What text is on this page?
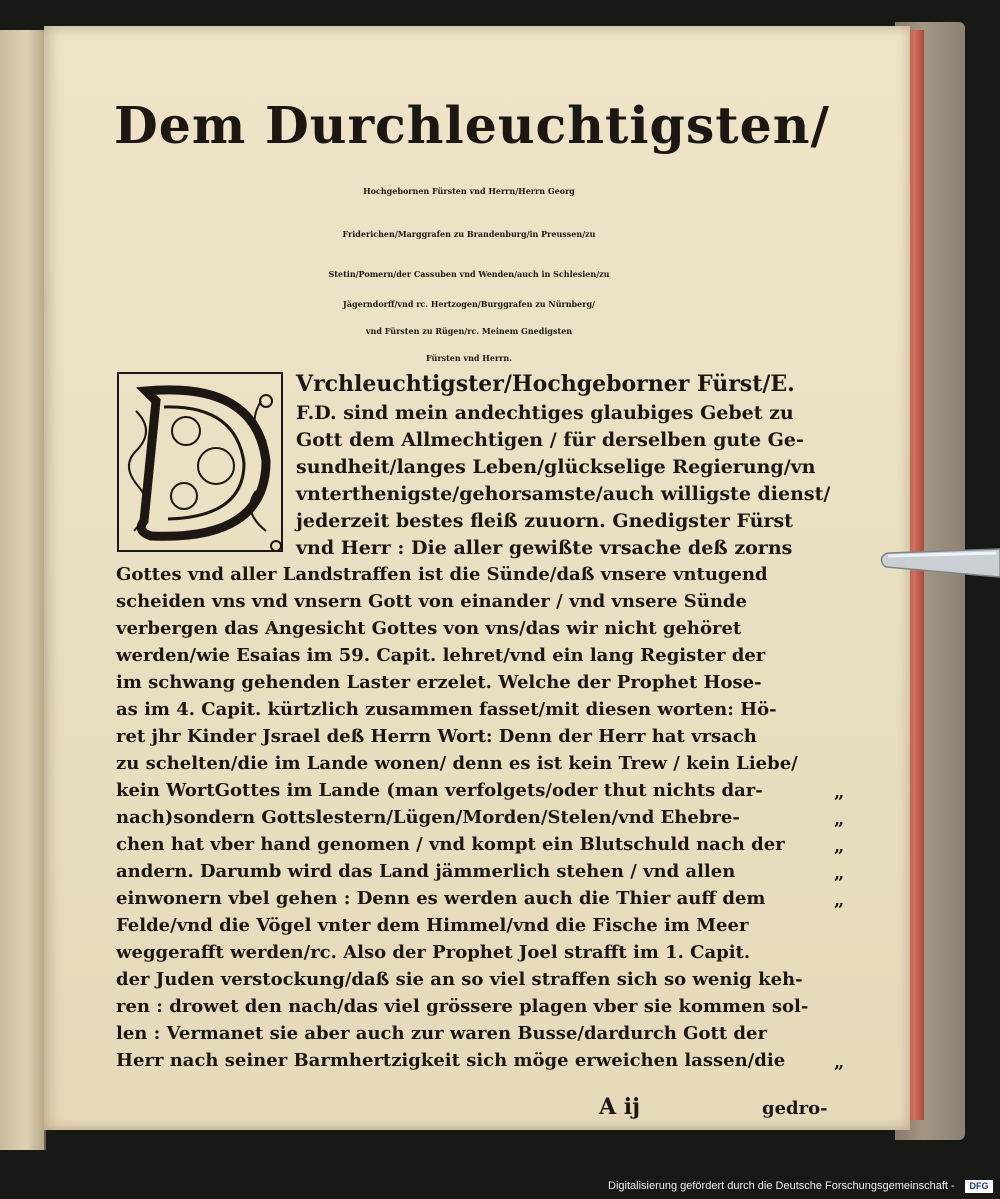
Dem Durchleuchtigsten/
Hochgebornen Fürsten vnd Herrn/Herrn Georg
Friderichen/Marggrafen zu Brandenburg/in Preussen/zu
Stetin/Pomern/der Cassuben vnd Wenden/auch in Schlesien/zu
Jägerndorff/vnd rc. Hertzogen/Burggrafen zu Nürnberg/
vnd Fürsten zu Rügen/rc. Meinem Gnedigsten
Fürsten vnd Herrn.
Vrchleuchtigster/Hochgeborner Fürst/E.
F.D. sind mein andechtiges glaubiges Gebet zu
Gott dem Allmechtigen / für derselben gute Ge-
sundheit/langes Leben/glückselige Regierung/vn
vnterthenigste/gehorsamste/auch willigste dienst/
jederzeit bestes fleiß zuuorn. Gnedigster Fürst
vnd Herr : Die aller gewißte vrsache deß zorns
Gottes vnd aller Landstraffen ist die Sünde/daß vnsere vntugend
scheiden vns vnd vnsern Gott von einander / vnd vnsere Sünde
verbergen das Angesicht Gottes von vns/das wir nicht gehöret
werden/wie Esaias im 59. Capit. lehret/vnd ein lang Register der
im schwang gehenden Laster erzelet. Welche der Prophet Hose-
as im 4. Capit. kürtzlich zusammen fasset/mit diesen worten: Hö-
ret jhr Kinder Jsrael deß Herrn Wort: Denn der Herr hat vrsach
zu schelten/die im Lande wonen/ denn es ist kein Trew / kein Liebe/
kein WortGottes im Lande (man verfolgets/oder thut nichts dar-
nach)sondern Gottslestern/Lügen/Morden/Stelen/vnd Ehebre-
chen hat vber hand genomen / vnd kompt ein Blutschuld nach der
andern. Darumb wird das Land jämmerlich stehen / vnd allen
einwonern vbel gehen : Denn es werden auch die Thier auff dem
Felde/vnd die Vögel vnter dem Himmel/vnd die Fische im Meer
weggerafft werden/rc. Also der Prophet Joel strafft im 1. Capit.
der Juden verstockung/daß sie an so viel straffen sich so wenig keh-
ren : drowet den nach/das viel grössere plagen vber sie kommen sol-
len : Vermanet sie aber auch zur waren Busse/dardurch Gott der
Herr nach seiner Barmhertzigkeit sich möge erweichen lassen/die
„
„
„
„
„
„
A ij	gedro-
Digitalisierung gefördert durch die Deutsche Forschungsgemeinschaft -	DFG
